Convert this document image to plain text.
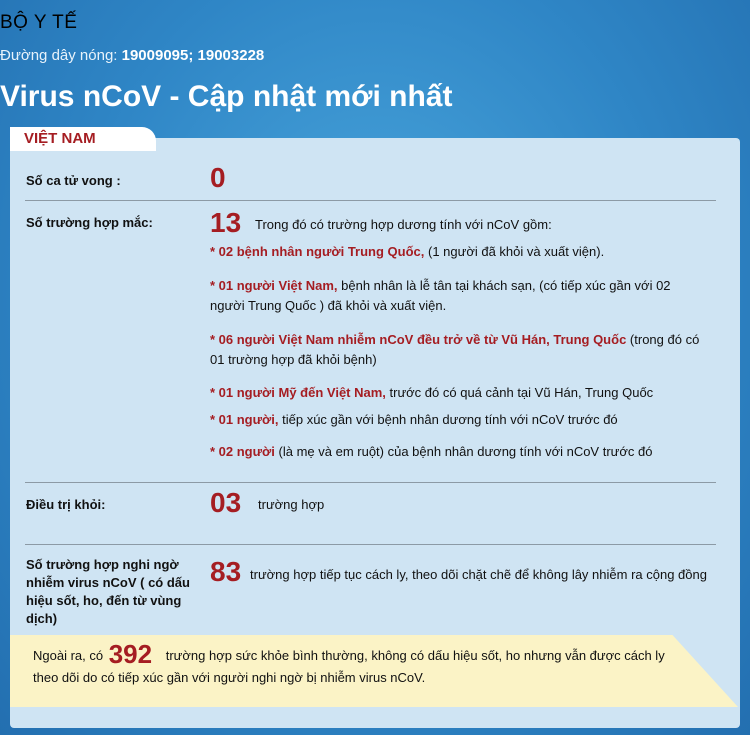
BỘ Y TẾ
Đường dây nóng: 19009095; 19003228
Virus nCoV - Cập nhật mới nhất
VIỆT NAM
Số ca tử vong :	0
Số trường hợp mắc: 13 Trong đó có trường hợp dương tính với nCoV gồm:
* 02 bệnh nhân người Trung Quốc, (1 người đã khỏi và xuất viện).
* 01 người Việt Nam, bệnh nhân là lễ tân tại khách sạn, (có tiếp xúc gần với 02 người Trung Quốc ) đã khỏi và xuất viện.
* 06 người Việt Nam nhiễm nCoV đều trở về từ Vũ Hán, Trung Quốc (trong đó có 01 trường hợp đã khỏi bệnh)
* 01 người Mỹ đến Việt Nam, trước đó có quá cảnh tại Vũ Hán, Trung Quốc
* 01 người, tiếp xúc gần với bệnh nhân dương tính với nCoV trước đó
* 02 người (là mẹ và em ruột) của bệnh nhân dương tính với nCoV trước đó
Điều trị khỏi:	03 trường hợp
Số trường hợp nghi ngờ nhiễm virus nCoV ( có dấu hiệu sốt, ho, đến từ vùng dịch)
83 trường hợp tiếp tục cách ly, theo dõi chặt chẽ để không lây nhiễm ra cộng đồng
Ngoài ra, có 392 trường hợp sức khỏe bình thường, không có dấu hiệu sốt, ho nhưng vẫn được cách ly theo dõi do có tiếp xúc gần với người nghi ngờ bị nhiễm virus nCoV.
